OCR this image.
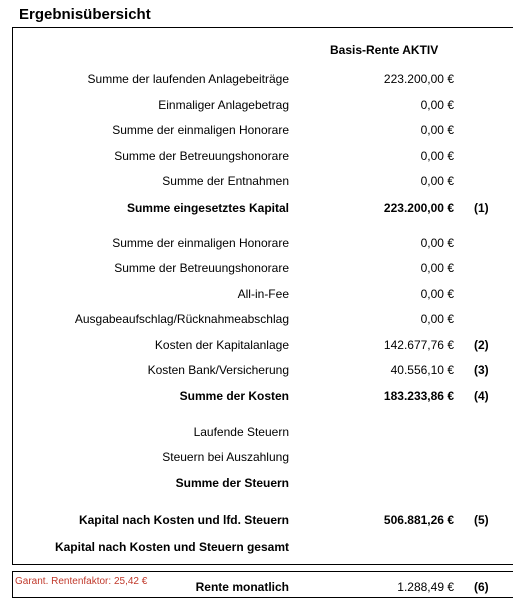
Ergebnisübersicht
Basis-Rente AKTIV
Summe der laufenden Anlagebeiträge	223.200,00 €
Einmaliger Anlagebetrag	0,00 €
Summe der einmaligen Honorare	0,00 €
Summe der Betreuungshonorare	0,00 €
Summe der Entnahmen	0,00 €
Summe eingesetztes Kapital	223.200,00 € (1)
Summe der einmaligen Honorare	0,00 €
Summe der Betreuungshonorare	0,00 €
All-in-Fee	0,00 €
Ausgabeaufschlag/Rücknahmeabschlag	0,00 €
Kosten der Kapitalanlage	142.677,76 € (2)
Kosten Bank/Versicherung	40.556,10 € (3)
Summe der Kosten	183.233,86 € (4)
Laufende Steuern
Steuern bei Auszahlung
Summe der Steuern
Kapital nach Kosten und lfd. Steuern	506.881,26 € (5)
Kapital nach Kosten und Steuern gesamt
Garant. Rentenfaktor: 25,42 €	Rente monatlich	1.288,49 € (6)
